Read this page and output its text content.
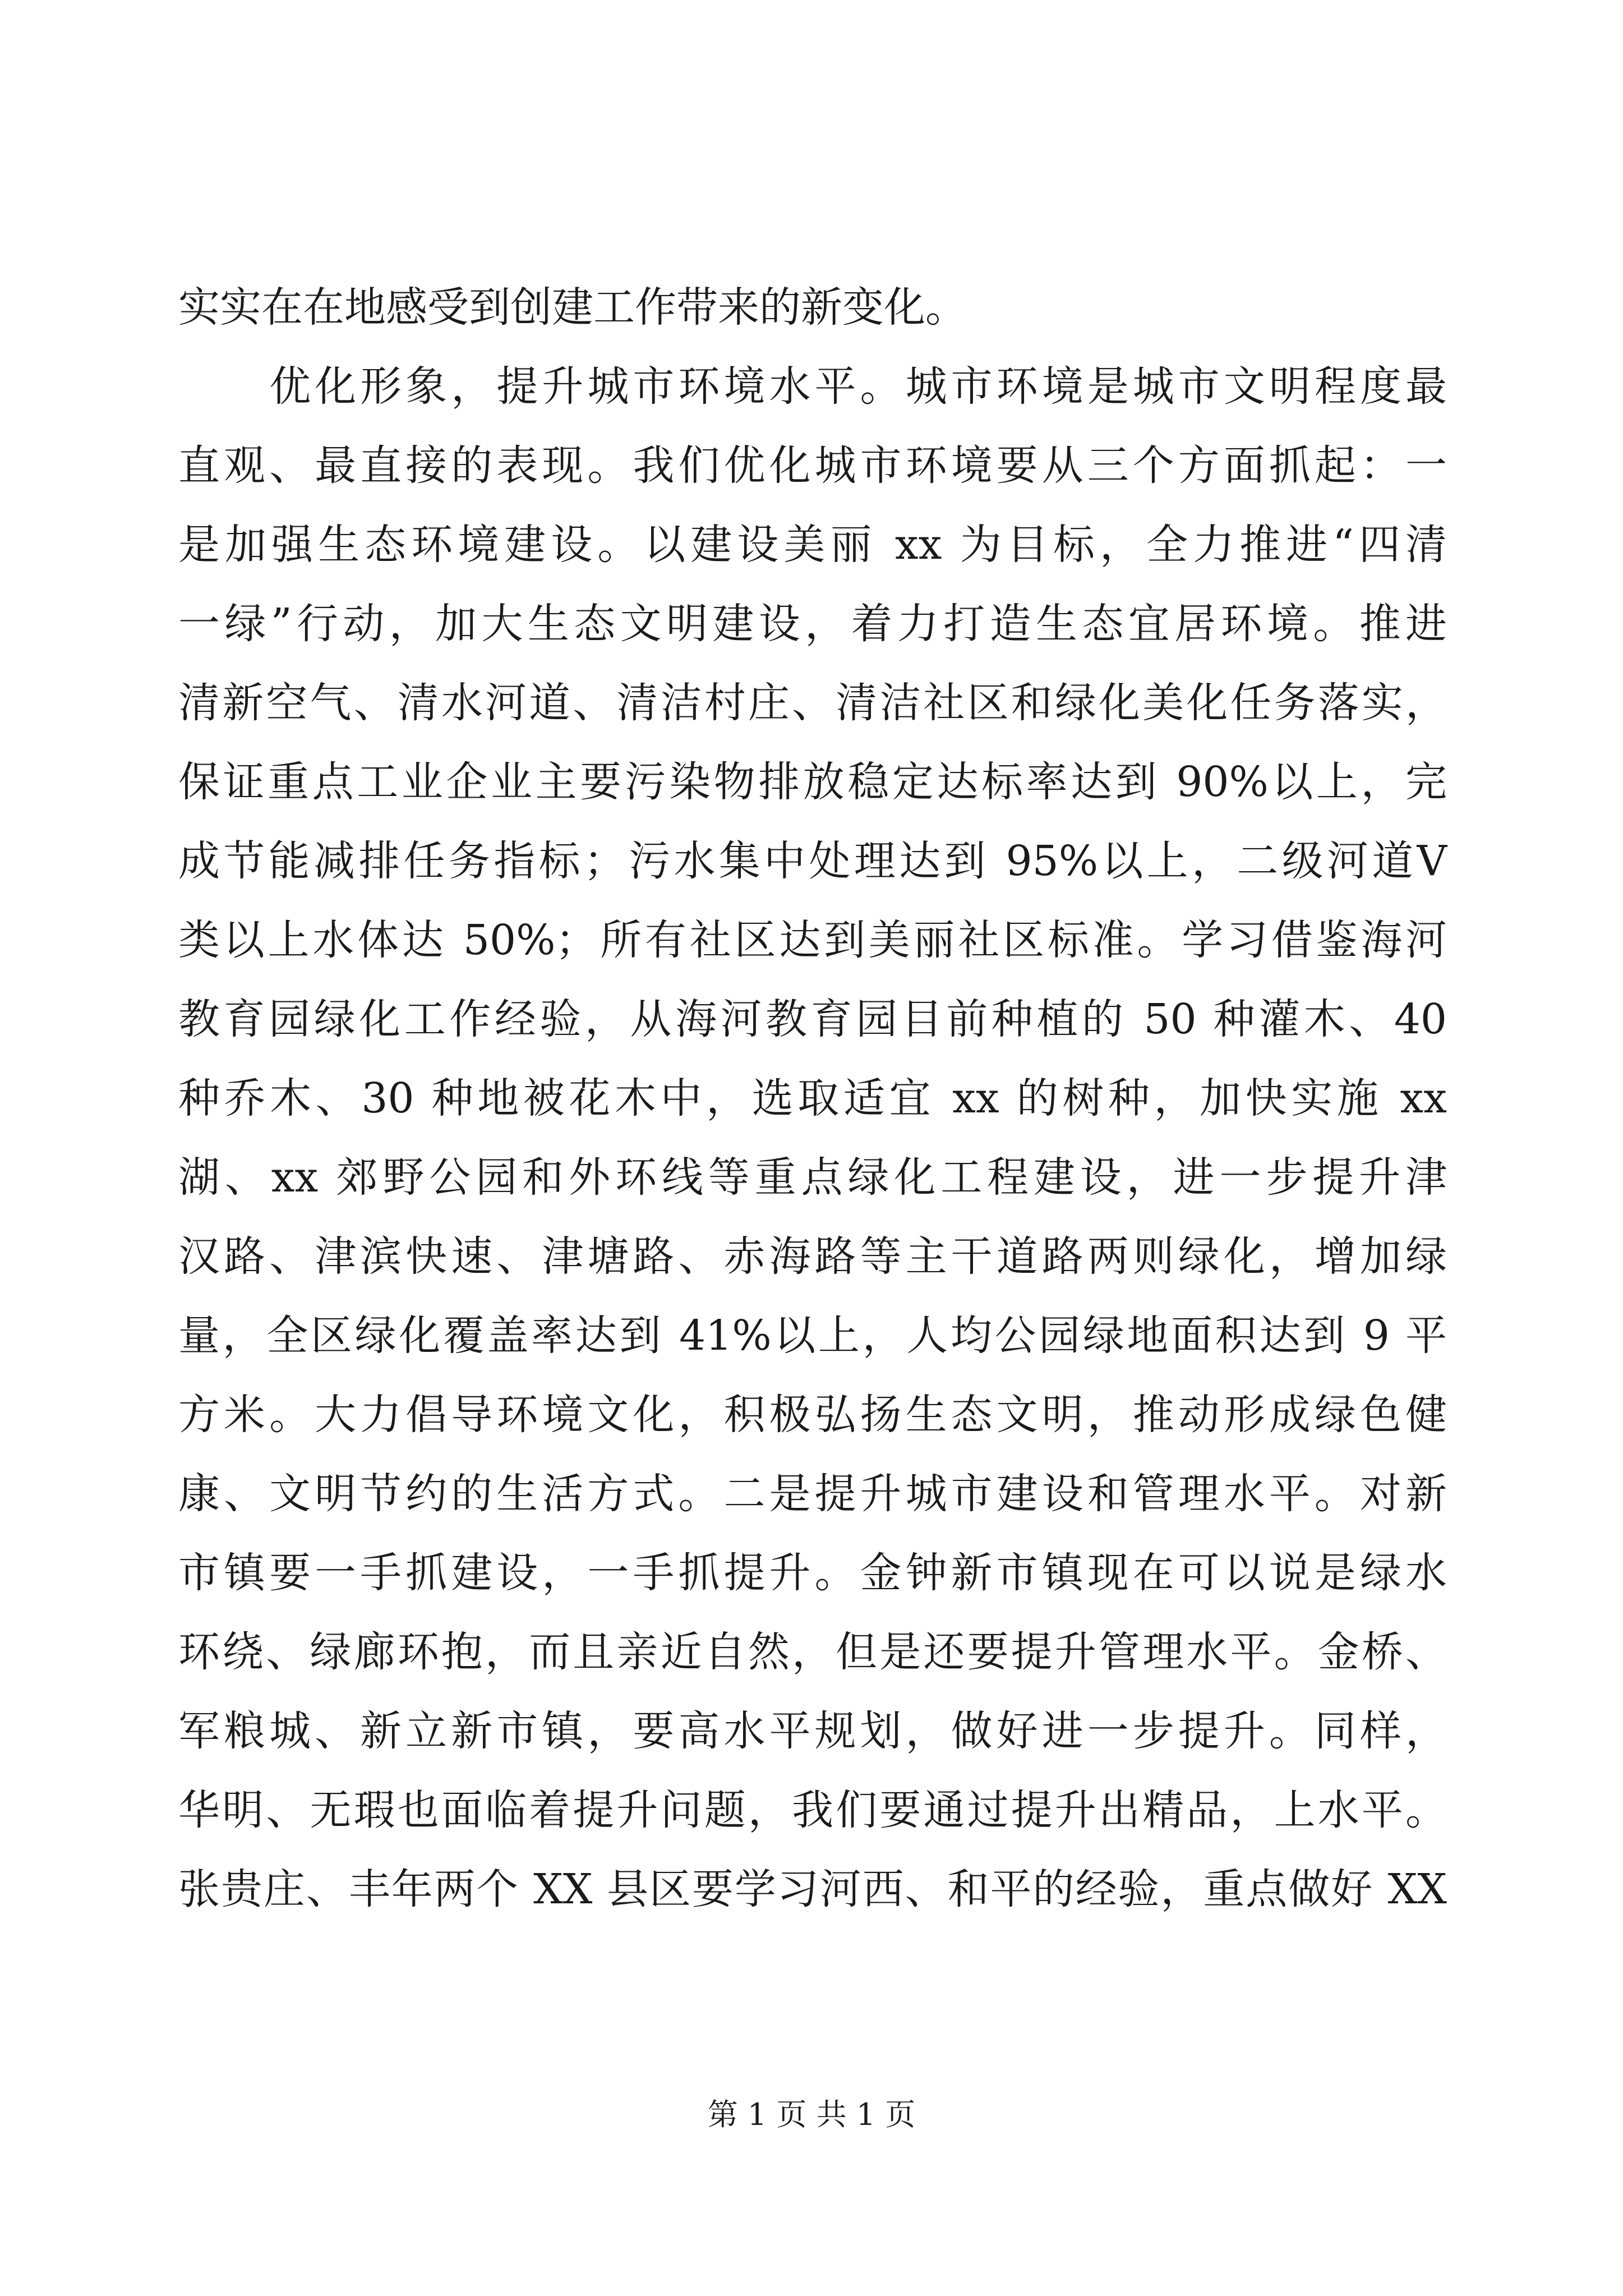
实实在在地感受到创建工作带来的新变化。
　　优化形象，提升城市环境水平。城市环境是城市文明程度最
直观、最直接的表现。我们优化城市环境要从三个方面抓起：一
是加强生态环境建设。以建设美丽 xx 为目标，全力推进“四清
一绿”行动，加大生态文明建设，着力打造生态宜居环境。推进
清新空气、清水河道、清洁村庄、清洁社区和绿化美化任务落实，
保证重点工业企业主要污染物排放稳定达标率达到 90%以上，完
成节能减排任务指标；污水集中处理达到 95%以上，二级河道Ⅴ
类以上水体达 50%；所有社区达到美丽社区标准。学习借鉴海河
教育园绿化工作经验，从海河教育园目前种植的 50 种灌木、40
种乔木、30 种地被花木中，选取适宜 xx 的树种，加快实施 xx
湖、xx 郊野公园和外环线等重点绿化工程建设，进一步提升津
汉路、津滨快速、津塘路、赤海路等主干道路两则绿化，增加绿
量，全区绿化覆盖率达到 41%以上，人均公园绿地面积达到 9 平
方米。大力倡导环境文化，积极弘扬生态文明，推动形成绿色健
康、文明节约的生活方式。二是提升城市建设和管理水平。对新
市镇要一手抓建设，一手抓提升。金钟新市镇现在可以说是绿水
环绕、绿廊环抱，而且亲近自然，但是还要提升管理水平。金桥、
军粮城、新立新市镇，要高水平规划，做好进一步提升。同样，
华明、无瑕也面临着提升问题，我们要通过提升出精品，上水平。
张贵庄、丰年两个 XX 县区要学习河西、和平的经验，重点做好 XX
第 1 页 共 1 页
